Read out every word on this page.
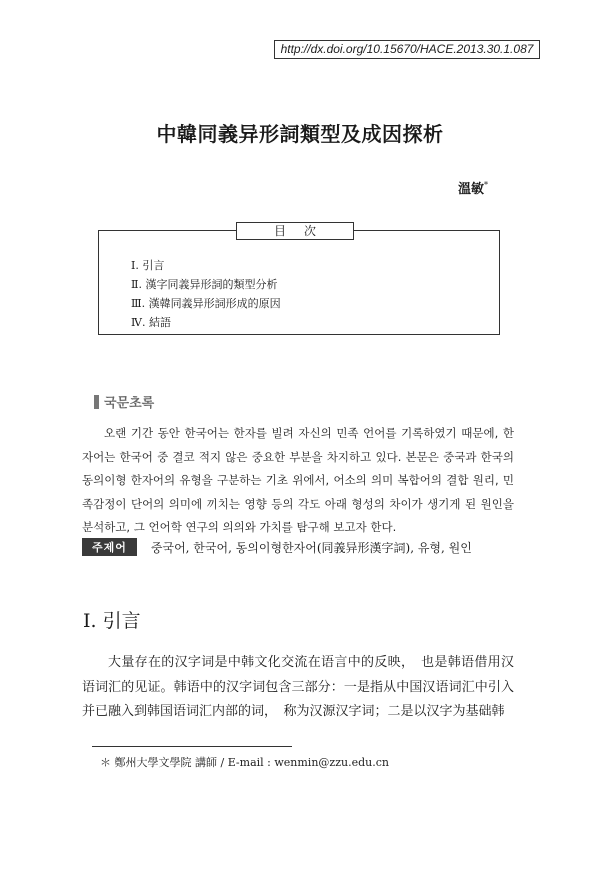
http://dx.doi.org/10.15670/HACE.2013.30.1.087
中韓同義异形詞類型及成因探析
溫敏*
目次
Ⅰ. 引言
Ⅱ. 漢字同義异形詞的類型分析
Ⅲ. 漢韓同義异形詞形成的原因
Ⅳ. 結語
국문초록

오랜 기간 동안 한국어는 한자를 빌려 자신의 민족 언어를 기록하였기 때문에, 한자어는 한국어 중 결코 적지 않은 중요한 부분을 차지하고 있다. 본문은 중국과 한국의 동의이형 한자어의 유형을 구분하는 기초 위에서, 어소의 의미 복합어의 결합 원리, 민족감정이 단어의 의미에 끼치는 영향 등의 각도 아래 형성의 차이가 생기게 된 원인을 분석하고, 그 언어학 연구의 의의와 가치를 탐구해 보고자 한다.

주제어	중국어, 한국어, 동의이형한자어(同義异形漢字詞), 유형, 원인
Ⅰ. 引言

大量存在的汉字词是中韩文化交流在语言中的反映，　也是韩语借用汉语词汇的见证。韩语中的汉字词包含三部分：一是指从中国汉语词汇中引入并已融入到韩国语词汇内部的词，　称为汉源汉字词；二是以汉字为基础韩

＊ 鄭州大學文學院 講師 / E-mail : wenmin@zzu.edu.cn
